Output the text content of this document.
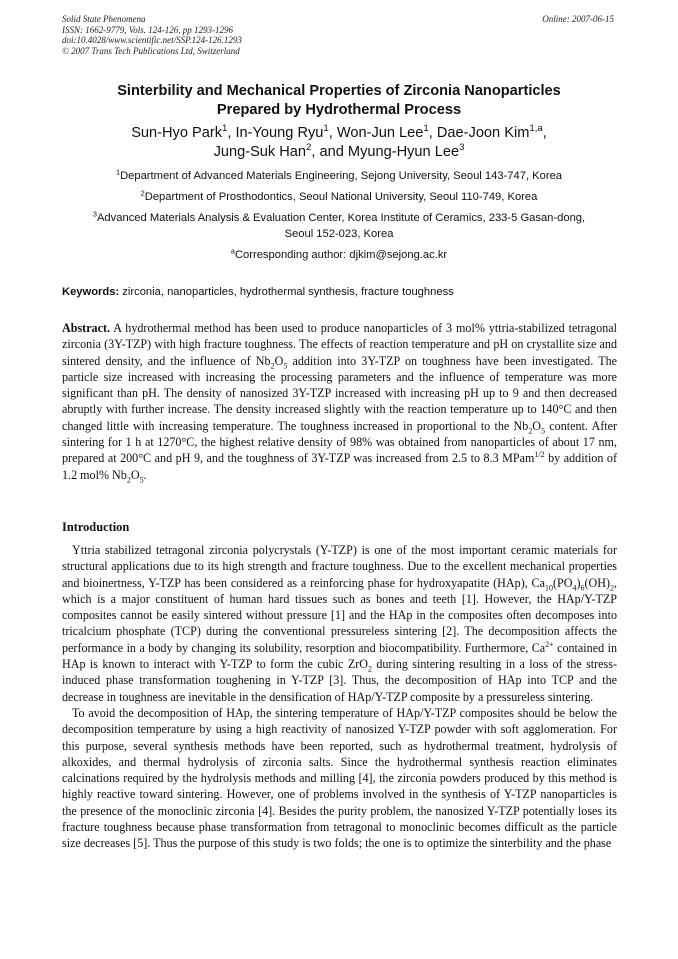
Solid State Phenomena
ISSN: 1662-9779, Vols. 124-126, pp 1293-1296
doi:10.4028/www.scientific.net/SSP.124-126.1293
© 2007 Trans Tech Publications Ltd, Switzerland
Online: 2007-06-15
Sinterbility and Mechanical Properties of Zirconia Nanoparticles
Prepared by Hydrothermal Process
Sun-Hyo Park$^1$, In-Young Ryu$^1$, Won-Jun Lee$^1$, Dae-Joon Kim$^{1,a}$,
Jung-Suk Han$^2$, and Myung-Hyun Lee$^3$
$^1$Department of Advanced Materials Engineering, Sejong University, Seoul 143-747, Korea
$^2$Department of Prosthodontics, Seoul National University, Seoul 110-749, Korea
$^3$Advanced Materials Analysis & Evaluation Center, Korea Institute of Ceramics, 233-5 Gasan-dong,
Seoul 152-023, Korea
$^a$Corresponding author: djkim@sejong.ac.kr
Keywords: zirconia, nanoparticles, hydrothermal synthesis, fracture toughness
Abstract. A hydrothermal method has been used to produce nanoparticles of 3 mol% yttria-stabilized tetragonal zirconia (3Y-TZP) with high fracture toughness. The effects of reaction temperature and pH on crystallite size and sintered density, and the influence of $Nb_2O_5$ addition into 3Y-TZP on toughness have been investigated. The particle size increased with increasing the processing parameters and the influence of temperature was more significant than pH. The density of nanosized 3Y-TZP increased with increasing pH up to 9 and then decreased abruptly with further increase. The density increased slightly with the reaction temperature up to 140°C and then changed little with increasing temperature. The toughness increased in proportional to the $Nb_2O_5$ content. After sintering for 1 h at 1270°C, the highest relative density of 98% was obtained from nanoparticles of about 17 nm, prepared at 200°C and pH 9, and the toughness of 3Y-TZP was increased from 2.5 to 8.3 MPam$^{1/2}$ by addition of 1.2 mol% $Nb_2O_5$.
Introduction

Yttria stabilized tetragonal zirconia polycrystals (Y-TZP) is one of the most important ceramic materials for structural applications due to its high strength and fracture toughness. Due to the excellent mechanical properties and bioinertness, Y-TZP has been considered as a reinforcing phase for hydroxyapatite (HAp), $Ca_{10}(PO_4)_6(OH)_2$, which is a major constituent of human hard tissues such as bones and teeth [1]. However, the HAp/Y-TZP composites cannot be easily sintered without pressure [1] and the HAp in the composites often decomposes into tricalcium phosphate (TCP) during the conventional pressureless sintering [2]. The decomposition affects the performance in a body by changing its solubility, resorption and biocompatibility. Furthermore, $Ca^{2+}$ contained in HAp is known to interact with Y-TZP to form the cubic ZrO$_2$ during sintering resulting in a loss of the stress-induced phase transformation toughening in Y-TZP [3]. Thus, the decomposition of HAp into TCP and the decrease in toughness are inevitable in the densification of HAp/Y-TZP composite by a pressureless sintering.

To avoid the decomposition of HAp, the sintering temperature of HAp/Y-TZP composites should be below the decomposition temperature by using a high reactivity of nanosized Y-TZP powder with soft agglomeration. For this purpose, several synthesis methods have been reported, such as hydrothermal treatment, hydrolysis of alkoxides, and thermal hydrolysis of zirconia salts. Since the hydrothermal synthesis reaction eliminates calcinations required by the hydrolysis methods and milling [4], the zirconia powders produced by this method is highly reactive toward sintering. However, one of problems involved in the synthesis of Y-TZP nanoparticles is the presence of the monoclinic zirconia [4]. Besides the purity problem, the nanosized Y-TZP potentially loses its fracture toughness because phase transformation from tetragonal to monoclinic becomes difficult as the particle size decreases [5]. Thus the purpose of this study is two folds; the one is to optimize the sinterbility and the phase
